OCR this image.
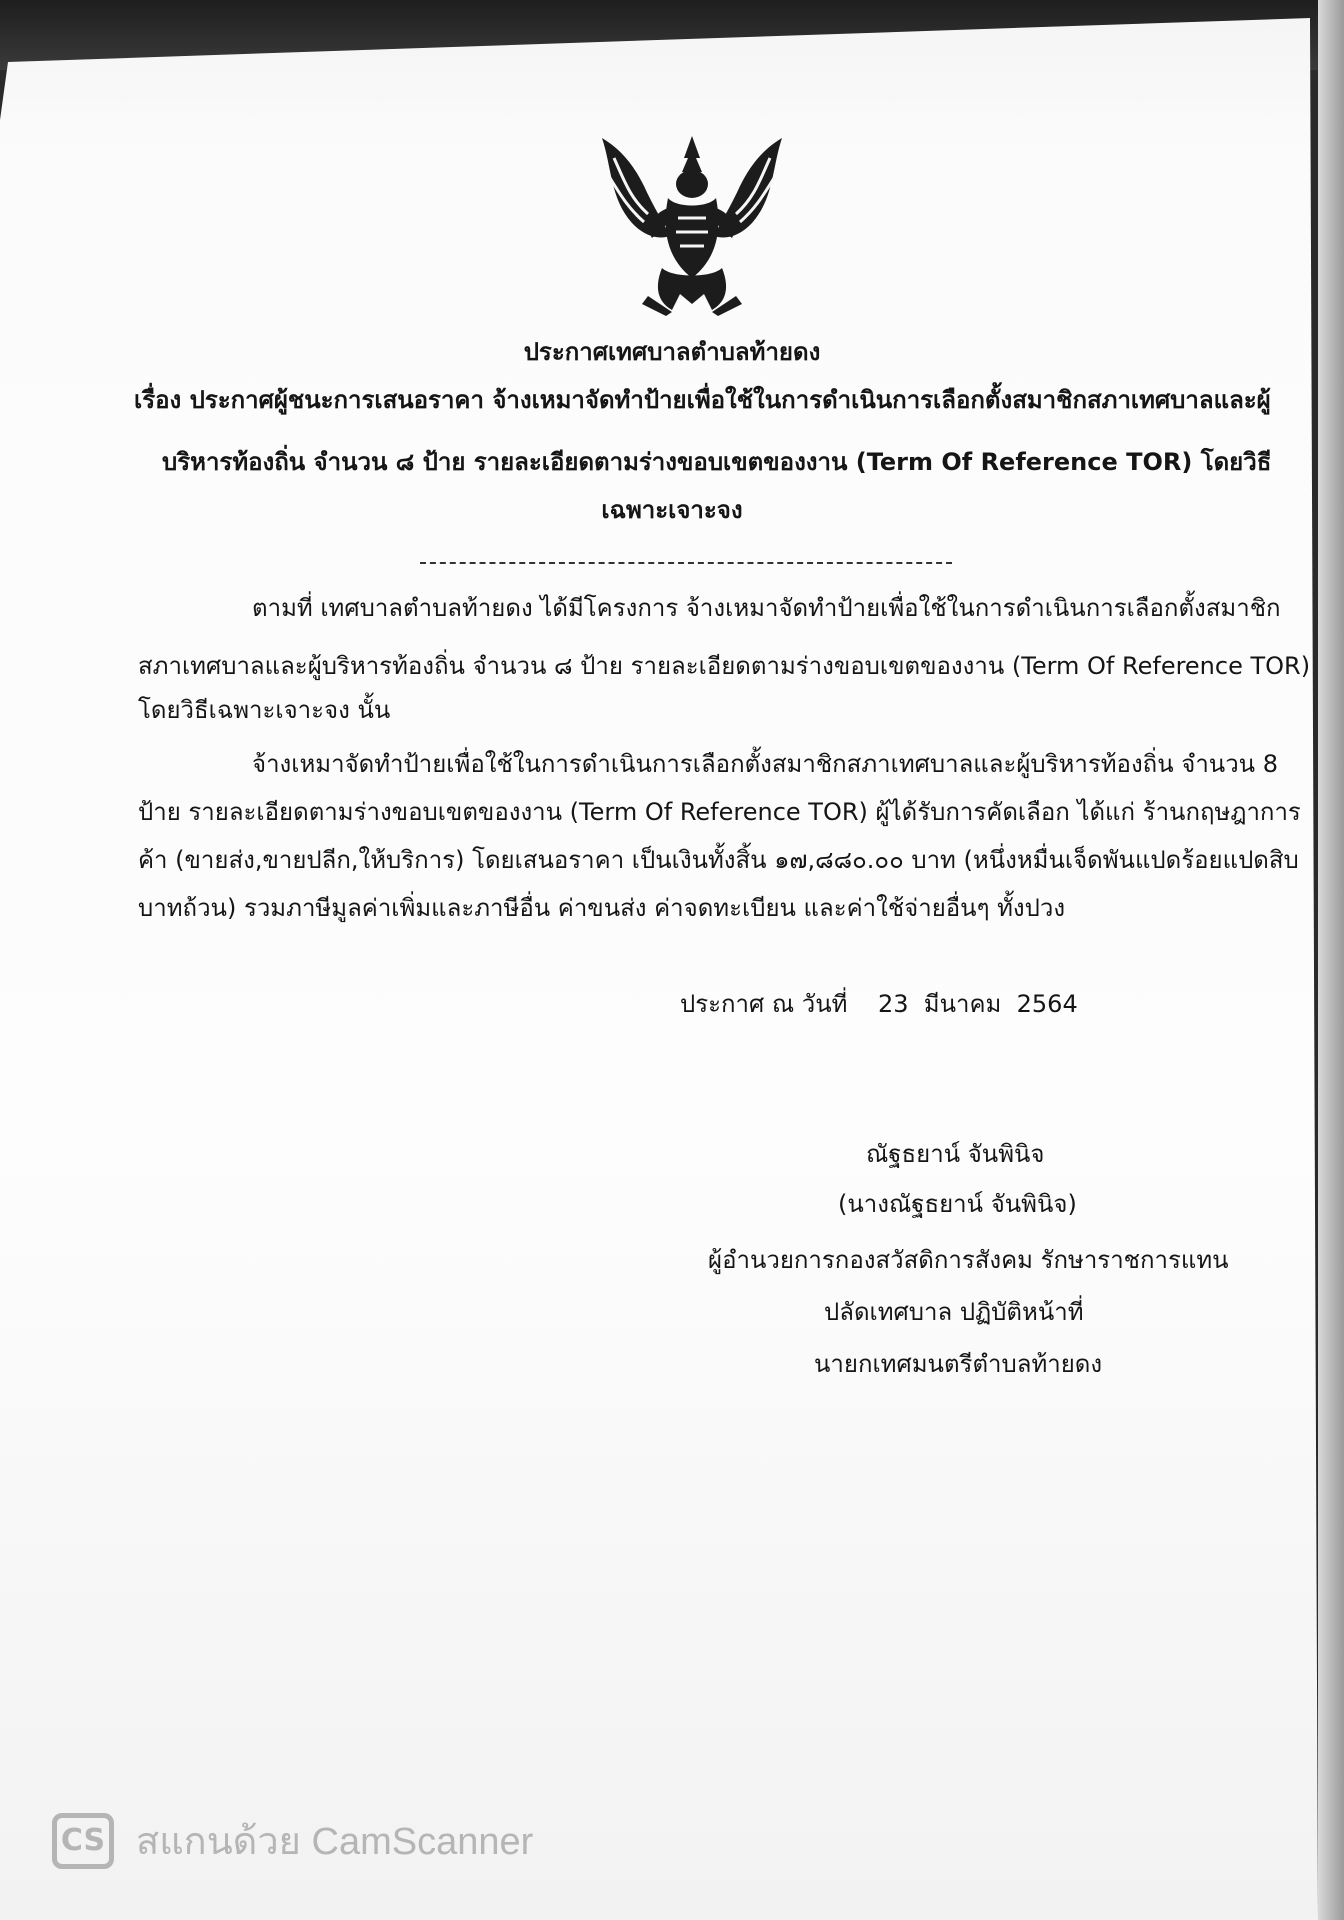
ประกาศเทศบาลตำบลท้ายดง
เรื่อง ประกาศผู้ชนะการเสนอราคา จ้างเหมาจัดทำป้ายเพื่อใช้ในการดำเนินการเลือกตั้งสมาชิกสภาเทศบาลและผู้
บริหารท้องถิ่น จำนวน ๘ ป้าย รายละเอียดตามร่างขอบเขตของงาน (Term Of Reference TOR) โดยวิธี
เฉพาะเจาะจง
ตามที่ เทศบาลตำบลท้ายดง ได้มีโครงการ จ้างเหมาจัดทำป้ายเพื่อใช้ในการดำเนินการเลือกตั้งสมาชิก
สภาเทศบาลและผู้บริหารท้องถิ่น จำนวน ๘ ป้าย รายละเอียดตามร่างขอบเขตของงาน (Term Of Reference TOR)
โดยวิธีเฉพาะเจาะจง นั้น
จ้างเหมาจัดทำป้ายเพื่อใช้ในการดำเนินการเลือกตั้งสมาชิกสภาเทศบาลและผู้บริหารท้องถิ่น จำนวน 8
ป้าย รายละเอียดตามร่างขอบเขตของงาน (Term Of Reference TOR) ผู้ได้รับการคัดเลือก ได้แก่ ร้านกฤษฎาการ
ค้า (ขายส่ง,ขายปลีก,ให้บริการ) โดยเสนอราคา เป็นเงินทั้งสิ้น ๑๗,๘๘๐.๐๐ บาท (หนึ่งหมื่นเจ็ดพันแปดร้อยแปดสิบ
บาทถ้วน) รวมภาษีมูลค่าเพิ่มและภาษีอื่น ค่าขนส่ง ค่าจดทะเบียน และค่าใช้จ่ายอื่นๆ ทั้งปวง
ประกาศ ณ วันที่    23  มีนาคม  2564
ณัฐธยาน์ จันพินิจ
(นางณัฐธยาน์ จันพินิจ)
ผู้อำนวยการกองสวัสดิการสังคม รักษาราชการแทน
ปลัดเทศบาล ปฏิบัติหน้าที่
นายกเทศมนตรีตำบลท้ายดง
CS สแกนด้วย CamScanner
